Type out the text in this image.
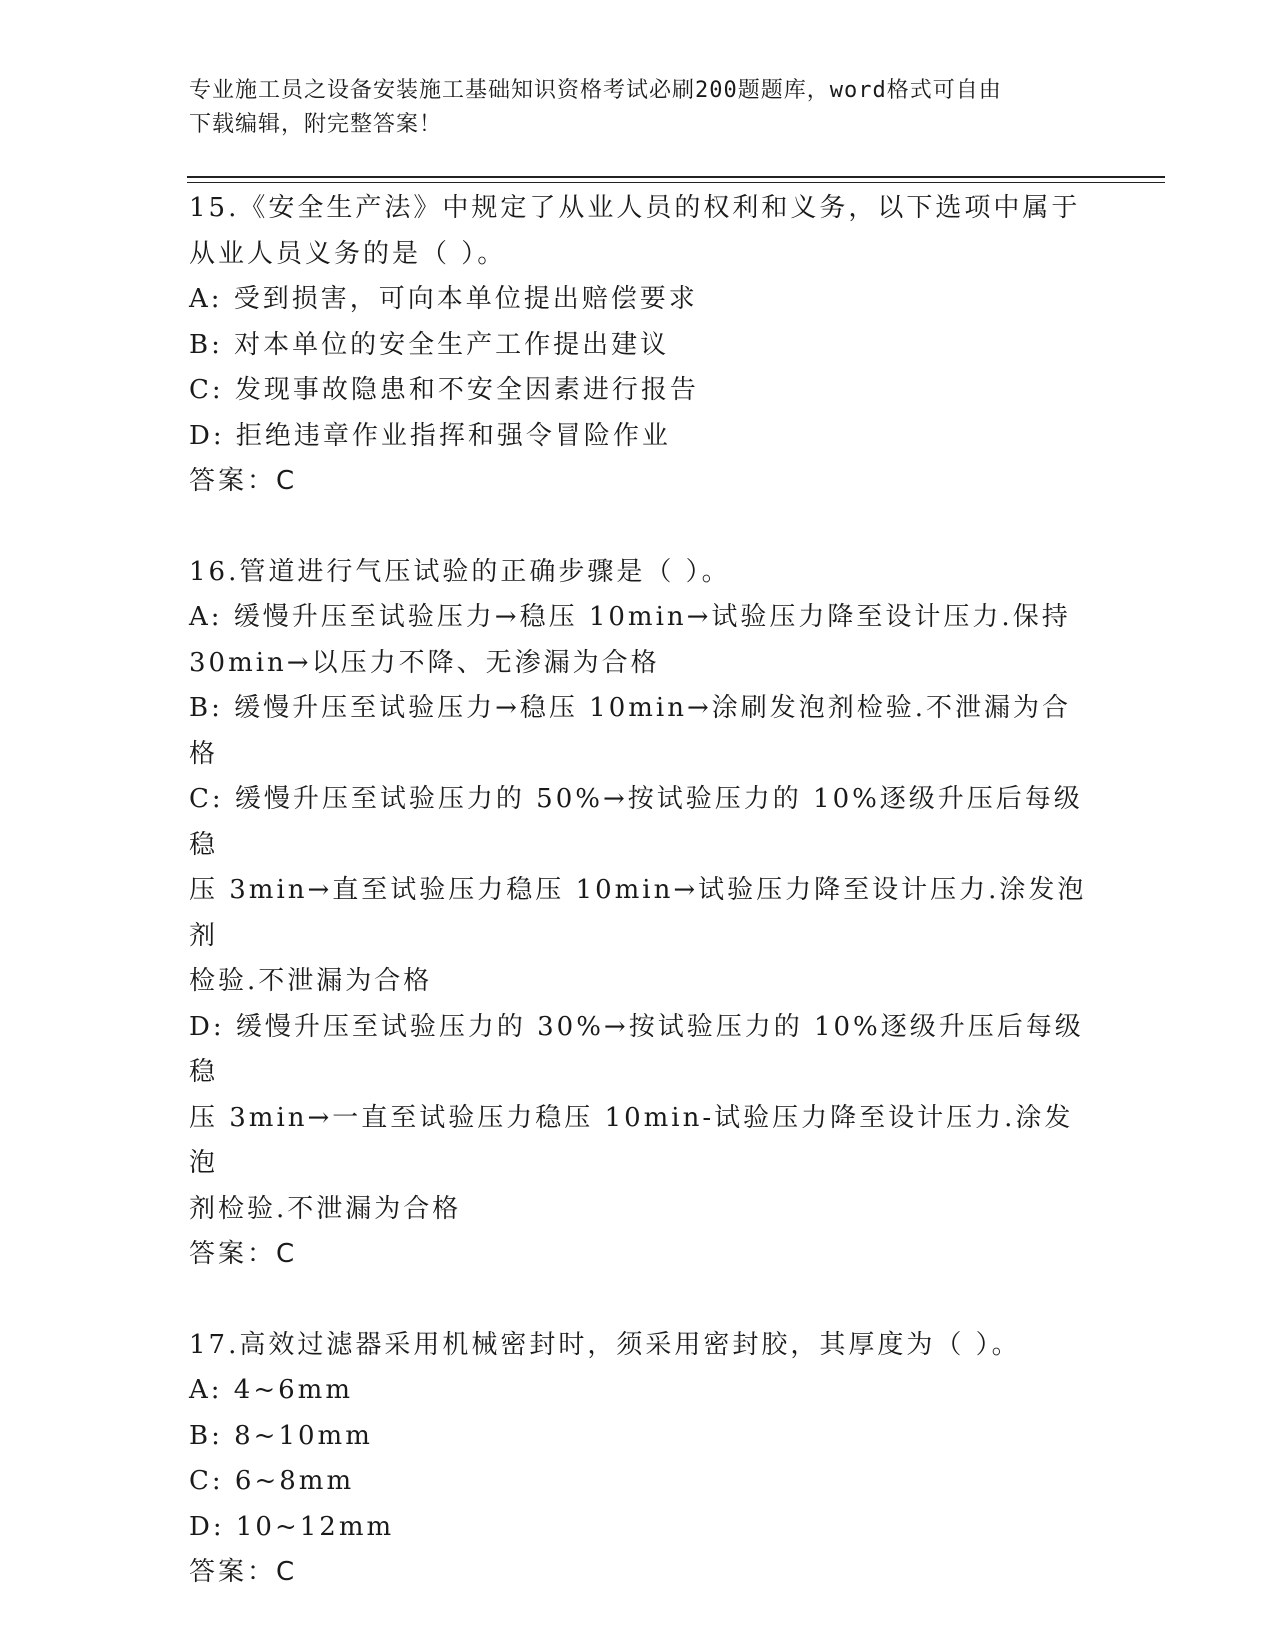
专业施工员之设备安装施工基础知识资格考试必刷200题题库，word格式可自由
下载编辑，附完整答案！

15.《安全生产法》中规定了从业人员的权利和义务，以下选项中属于

从业人员义务的是（ ）。

A: 受到损害，可向本单位提出赔偿要求

B: 对本单位的安全生产工作提出建议

C: 发现事故隐患和不安全因素进行报告

D: 拒绝违章作业指挥和强令冒险作业

答案：C

16.管道进行气压试验的正确步骤是（ ）。

A: 缓慢升压至试验压力→稳压 10min→试验压力降至设计压力.保持

30min→以压力不降、无渗漏为合格

B: 缓慢升压至试验压力→稳压 10min→涂刷发泡剂检验.不泄漏为合格

C: 缓慢升压至试验压力的 50%→按试验压力的 10%逐级升压后每级稳

压 3min→直至试验压力稳压 10min→试验压力降至设计压力.涂发泡剂

检验.不泄漏为合格

D: 缓慢升压至试验压力的 30%→按试验压力的 10%逐级升压后每级稳

压 3min→一直至试验压力稳压 10min-试验压力降至设计压力.涂发泡

剂检验.不泄漏为合格

答案：C

17.高效过滤器采用机械密封时，须采用密封胶，其厚度为（ ）。

A: 4~6mm

B: 8~10mm

C: 6~8mm

D: 10~12mm

答案：C
